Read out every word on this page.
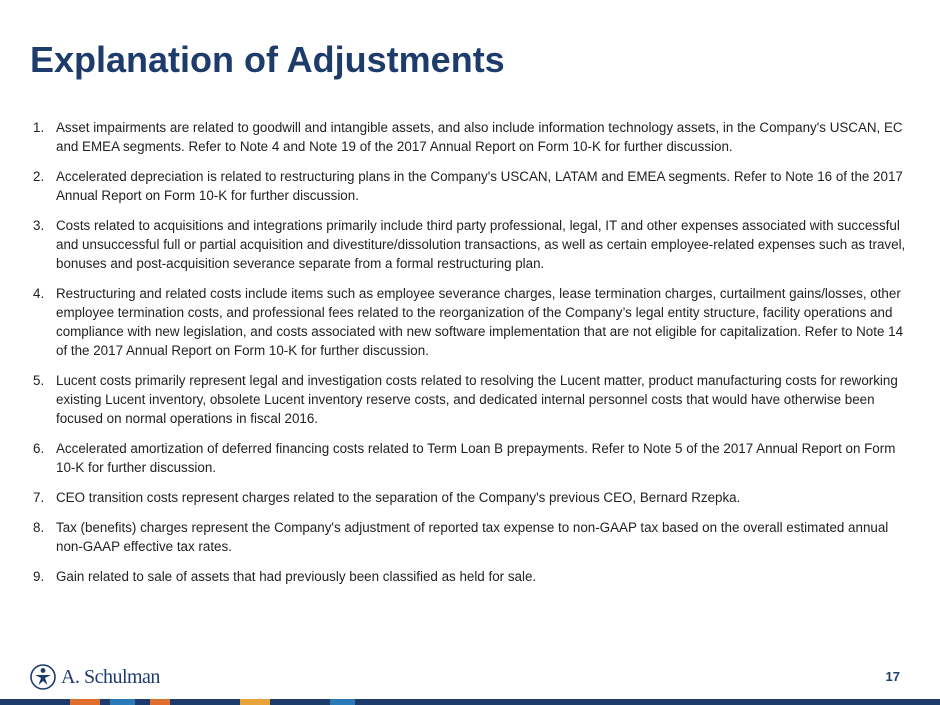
Explanation of Adjustments
1. Asset impairments are related to goodwill and intangible assets, and also include information technology assets, in the Company's USCAN, EC and EMEA segments. Refer to Note 4 and Note 19 of the 2017 Annual Report on Form 10-K for further discussion.
2. Accelerated depreciation is related to restructuring plans in the Company's USCAN, LATAM and EMEA segments. Refer to Note 16 of the 2017 Annual Report on Form 10-K for further discussion.
3. Costs related to acquisitions and integrations primarily include third party professional, legal, IT and other expenses associated with successful and unsuccessful full or partial acquisition and divestiture/dissolution transactions, as well as certain employee-related expenses such as travel, bonuses and post-acquisition severance separate from a formal restructuring plan.
4. Restructuring and related costs include items such as employee severance charges, lease termination charges, curtailment gains/losses, other employee termination costs, and professional fees related to the reorganization of the Company’s legal entity structure, facility operations and compliance with new legislation, and costs associated with new software implementation that are not eligible for capitalization. Refer to Note 14 of the 2017 Annual Report on Form 10-K for further discussion.
5. Lucent costs primarily represent legal and investigation costs related to resolving the Lucent matter, product manufacturing costs for reworking existing Lucent inventory, obsolete Lucent inventory reserve costs, and dedicated internal personnel costs that would have otherwise been focused on normal operations in fiscal 2016.
6. Accelerated amortization of deferred financing costs related to Term Loan B prepayments. Refer to Note 5 of the 2017 Annual Report on Form 10-K for further discussion.
7. CEO transition costs represent charges related to the separation of the Company's previous CEO, Bernard Rzepka.
8. Tax (benefits) charges represent the Company's adjustment of reported tax expense to non-GAAP tax based on the overall estimated annual non-GAAP effective tax rates.
9. Gain related to sale of assets that had previously been classified as held for sale.
A. Schulman	17
